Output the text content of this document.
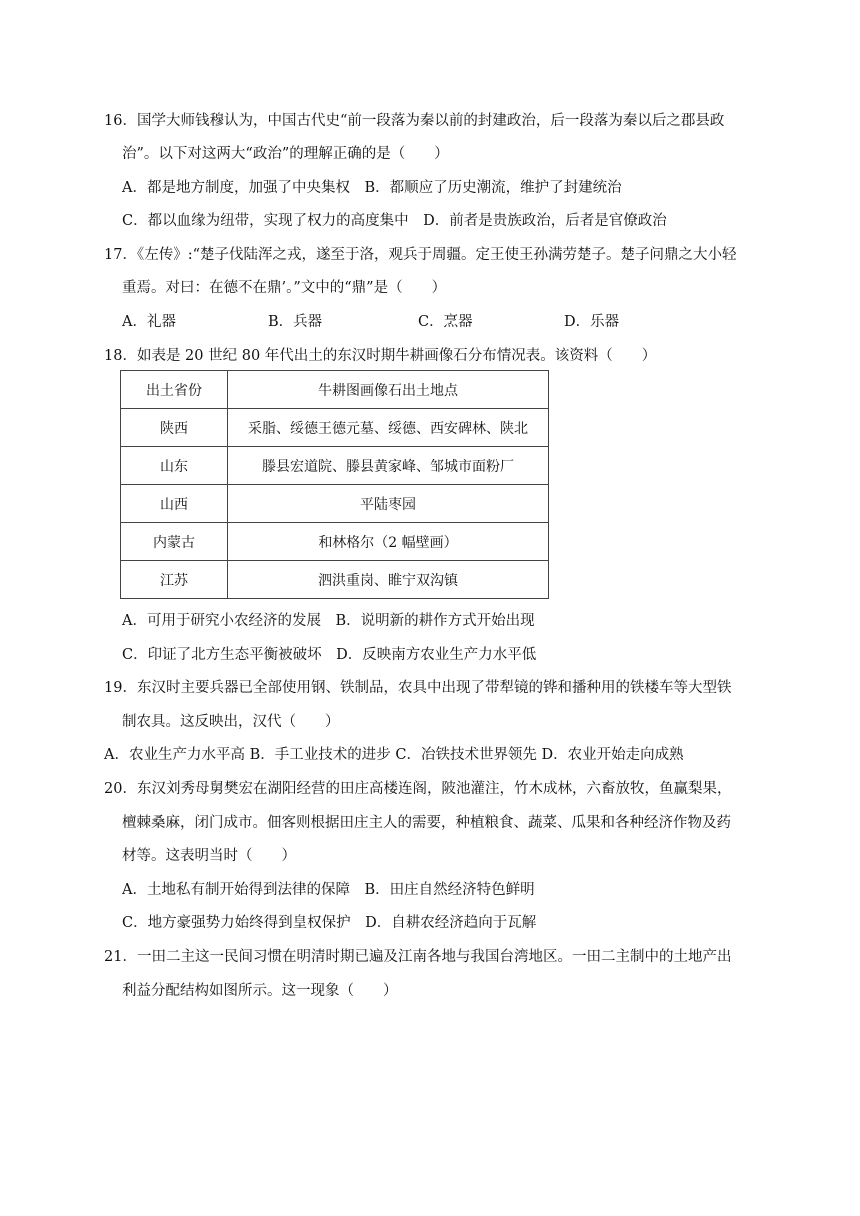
16．国学大师钱穆认为，中国古代史“前一段落为秦以前的封建政治，后一段落为秦以后之郡县政
治”。以下对这两大“政治”的理解正确的是（　　）
A．都是地方制度，加强了中央集权　B．都顺应了历史潮流，维护了封建统治
C．都以血缘为纽带，实现了权力的高度集中　D．前者是贵族政治，后者是官僚政治
17．《左传》:“楚子伐陆浑之戎，遂至于洛，观兵于周疆。定王使王孙满劳楚子。楚子问鼎之大小轻
重焉。对曰：在德不在鼎’。”文中的“鼎”是（　　）
A．礼器	B．兵器	C．烹器	D．乐器
18．如表是 20 世纪 80 年代出土的东汉时期牛耕画像石分布情况表。该资料（　　）
出土省份	牛耕图画像石出土地点
陕西	采脂、绥德王德元墓、绥德、西安碑林、陕北
山东	滕县宏道院、滕县黄家峰、邹城市面粉厂
山西	平陆枣园
内蒙古	和林格尔（2 幅壁画）
江苏	泗洪重岗、睢宁双沟镇
A．可用于研究小农经济的发展　B．说明新的耕作方式开始出现
C．印证了北方生态平衡被破坏　D．反映南方农业生产力水平低
19．东汉时主要兵器已全部使用钢、铁制品，农具中出现了带犁镜的铧和播种用的铁楼车等大型铁
制农具。这反映出，汉代（　　）
A．农业生产力水平高 B．手工业技术的进步 C．冶铁技术世界领先 D．农业开始走向成熟
20．东汉刘秀母舅樊宏在湖阳经营的田庄高楼连阁，陂池灌注，竹木成林，六畜放牧，鱼赢梨果，
檀棘桑麻，闭门成市。佃客则根据田庄主人的需要，种植粮食、蔬菜、瓜果和各种经济作物及药
材等。这表明当时（　　）
A．土地私有制开始得到法律的保障　B．田庄自然经济特色鲜明
C．地方豪强势力始终得到皇权保护　D．自耕农经济趋向于瓦解
21．一田二主这一民间习惯在明清时期已遍及江南各地与我国台湾地区。一田二主制中的土地产出
利益分配结构如图所示。这一现象（　　）
